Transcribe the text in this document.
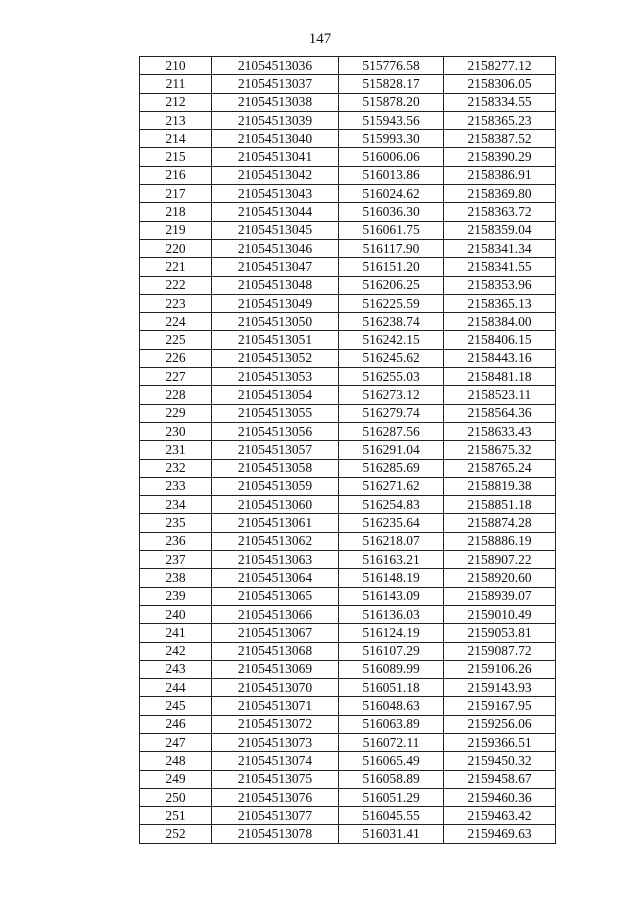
147
210	21054513036	515776.58	2158277.12
211	21054513037	515828.17	2158306.05
212	21054513038	515878.20	2158334.55
213	21054513039	515943.56	2158365.23
214	21054513040	515993.30	2158387.52
215	21054513041	516006.06	2158390.29
216	21054513042	516013.86	2158386.91
217	21054513043	516024.62	2158369.80
218	21054513044	516036.30	2158363.72
219	21054513045	516061.75	2158359.04
220	21054513046	516117.90	2158341.34
221	21054513047	516151.20	2158341.55
222	21054513048	516206.25	2158353.96
223	21054513049	516225.59	2158365.13
224	21054513050	516238.74	2158384.00
225	21054513051	516242.15	2158406.15
226	21054513052	516245.62	2158443.16
227	21054513053	516255.03	2158481.18
228	21054513054	516273.12	2158523.11
229	21054513055	516279.74	2158564.36
230	21054513056	516287.56	2158633.43
231	21054513057	516291.04	2158675.32
232	21054513058	516285.69	2158765.24
233	21054513059	516271.62	2158819.38
234	21054513060	516254.83	2158851.18
235	21054513061	516235.64	2158874.28
236	21054513062	516218.07	2158886.19
237	21054513063	516163.21	2158907.22
238	21054513064	516148.19	2158920.60
239	21054513065	516143.09	2158939.07
240	21054513066	516136.03	2159010.49
241	21054513067	516124.19	2159053.81
242	21054513068	516107.29	2159087.72
243	21054513069	516089.99	2159106.26
244	21054513070	516051.18	2159143.93
245	21054513071	516048.63	2159167.95
246	21054513072	516063.89	2159256.06
247	21054513073	516072.11	2159366.51
248	21054513074	516065.49	2159450.32
249	21054513075	516058.89	2159458.67
250	21054513076	516051.29	2159460.36
251	21054513077	516045.55	2159463.42
252	21054513078	516031.41	2159469.63
